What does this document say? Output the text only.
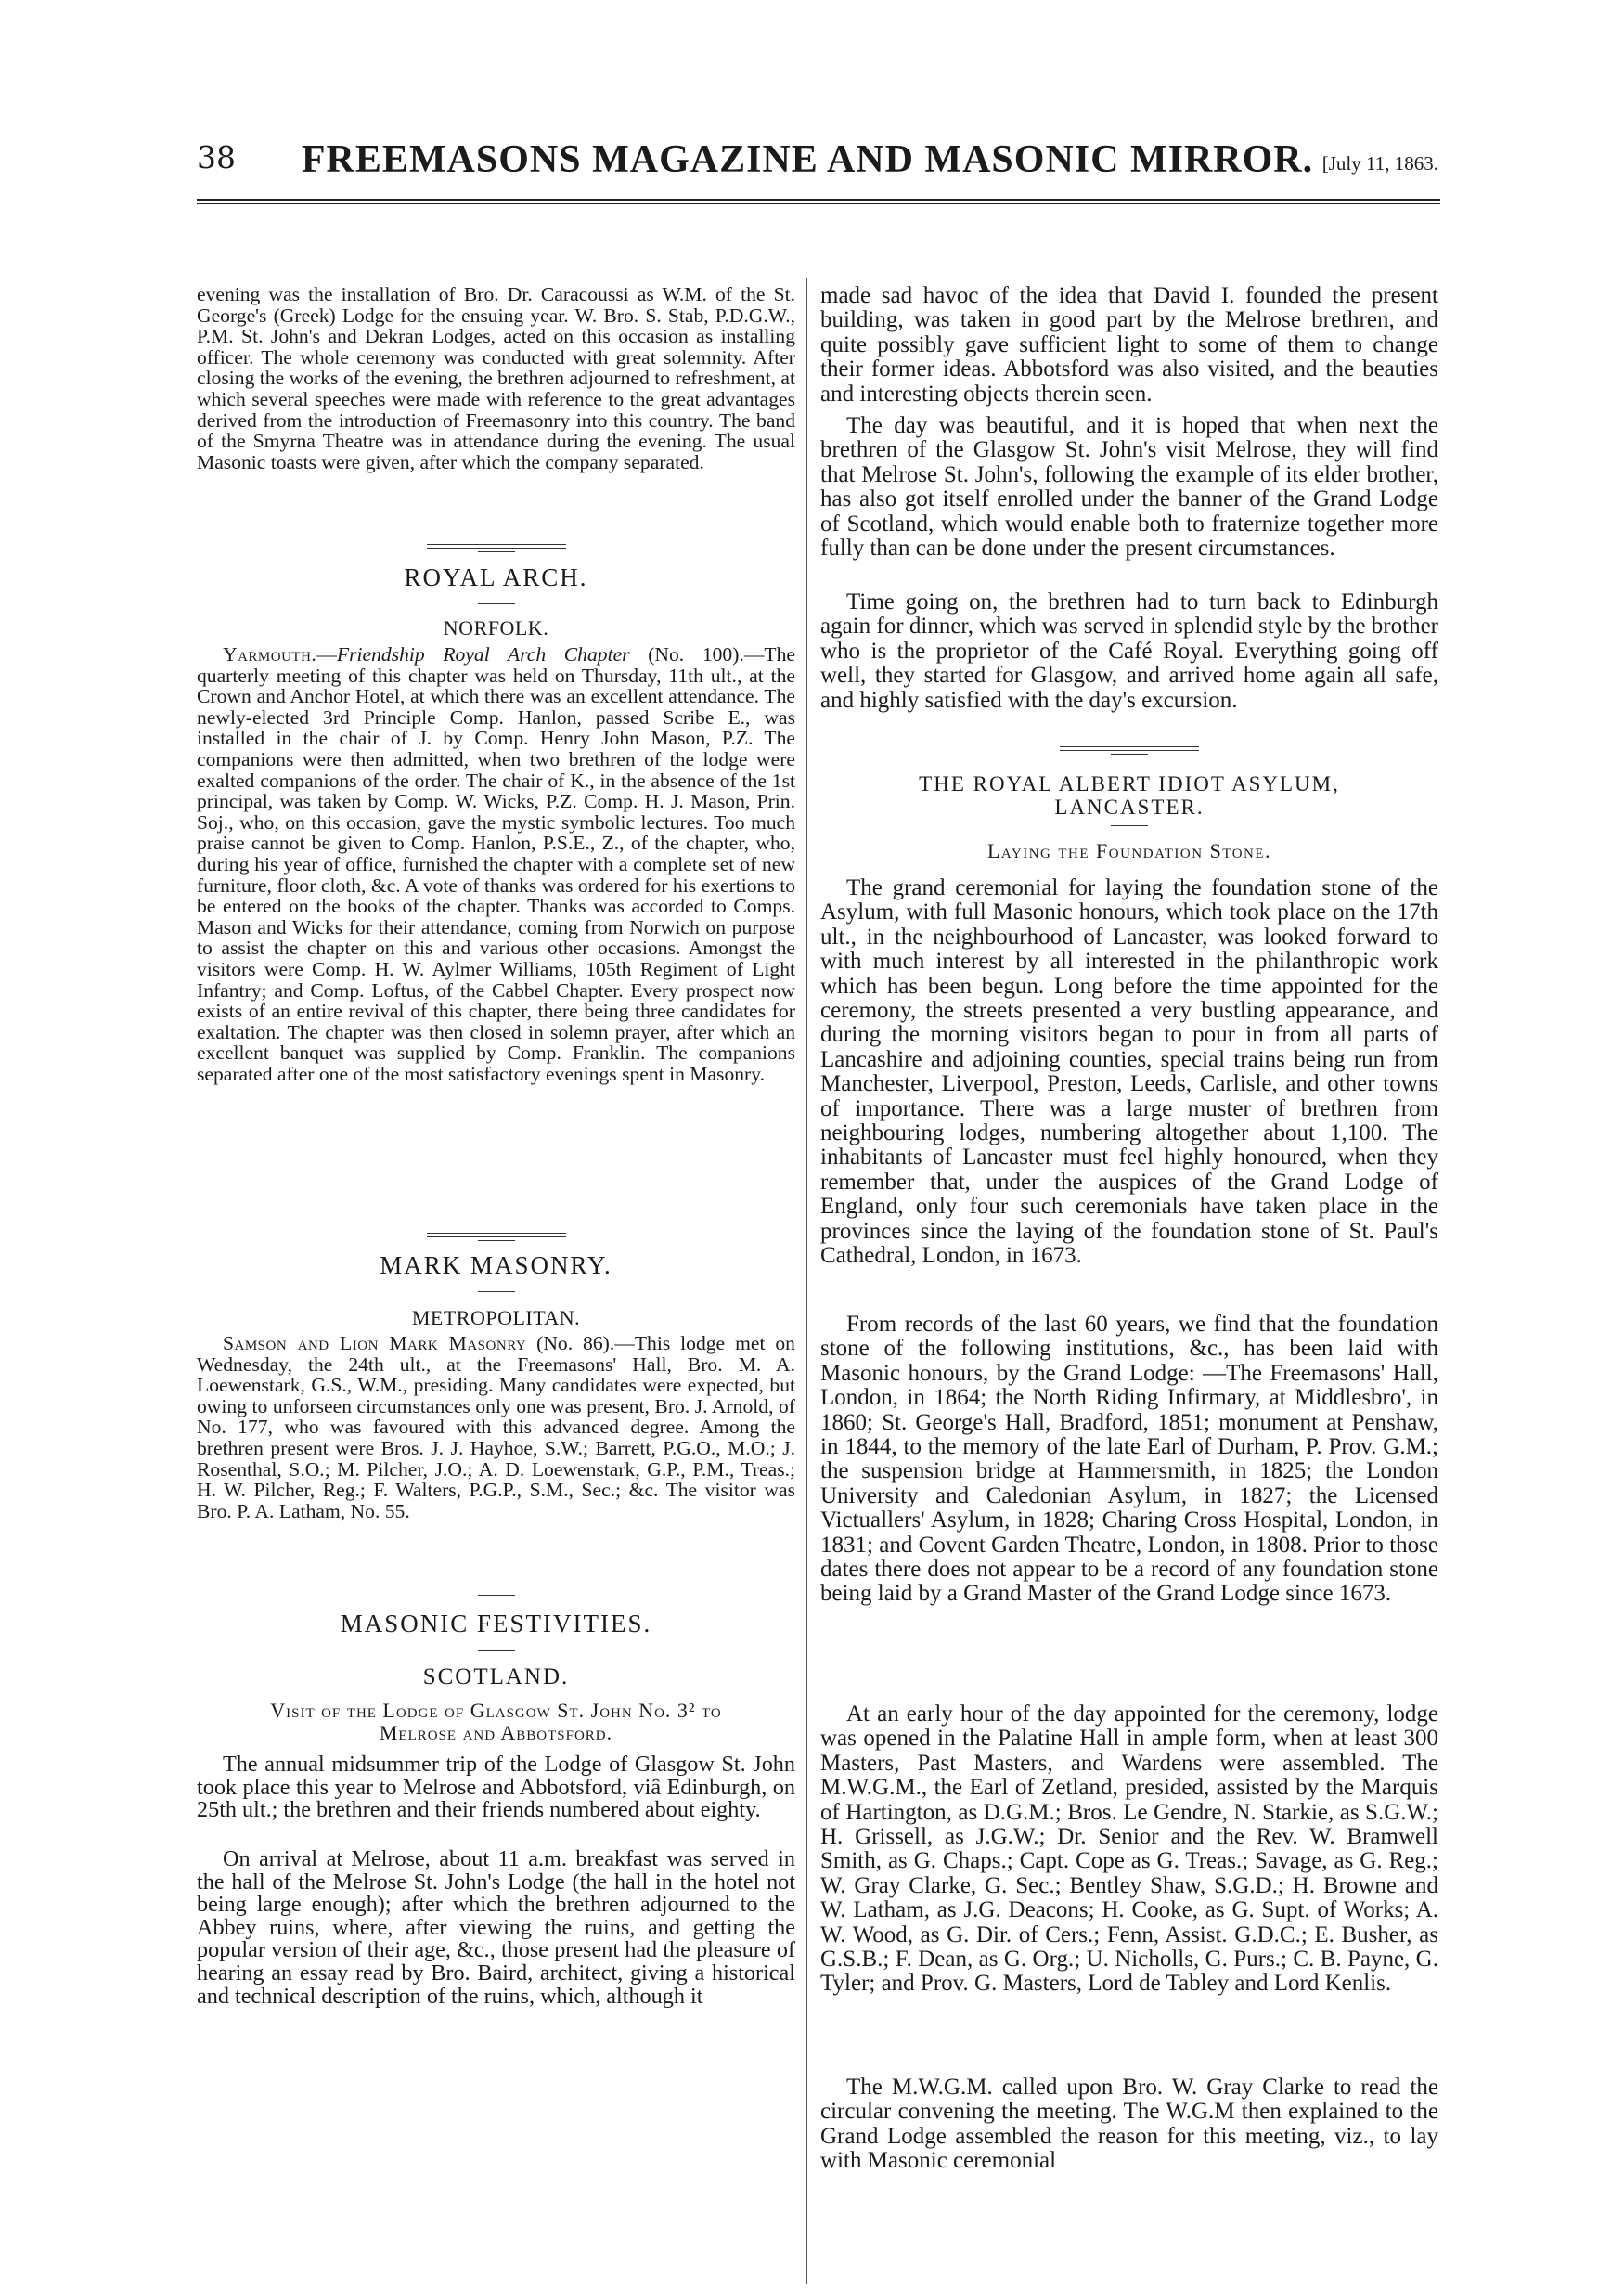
38	FREEMASONS MAGAZINE AND MASONIC MIRROR. [July 11, 1863.

evening was the installation of Bro. Dr. Caracoussi as W.M. of the St. George's (Greek) Lodge for the ensuing year. W. Bro. S. Stab, P.D.G.W., P.M. St. John's and Dekran Lodges, acted on this occasion as installing officer. The whole ceremony was conducted with great solemnity. After closing the works of the evening, the brethren adjourned to refreshment, at which several speeches were made with reference to the great advantages derived from the introduction of Freemasonry into this country. The band of the Smyrna Theatre was in attendance during the evening. The usual Masonic toasts were given, after which the company separated.

ROYAL ARCH.
NORFOLK.

Yarmouth.—Friendship Royal Arch Chapter (No. 100).—The quarterly meeting of this chapter was held on Thursday, 11th ult., at the Crown and Anchor Hotel, at which there was an excellent attendance. The newly-elected 3rd Principle Comp. Hanlon, passed Scribe E., was installed in the chair of J. by Comp. Henry John Mason, P.Z. The companions were then admitted, when two brethren of the lodge were exalted companions of the order. The chair of K., in the absence of the 1st principal, was taken by Comp. W. Wicks, P.Z. Comp. H. J. Mason, Prin. Soj., who, on this occasion, gave the mystic symbolic lectures. Too much praise cannot be given to Comp. Hanlon, P.S.E., Z., of the chapter, who, during his year of office, furnished the chapter with a complete set of new furniture, floor cloth, &c. A vote of thanks was ordered for his exertions to be entered on the books of the chapter. Thanks was accorded to Comps. Mason and Wicks for their attendance, coming from Norwich on purpose to assist the chapter on this and various other occasions. Amongst the visitors were Comp. H. W. Aylmer Williams, 105th Regiment of Light Infantry; and Comp. Loftus, of the Cabbel Chapter. Every prospect now exists of an entire revival of this chapter, there being three candidates for exaltation. The chapter was then closed in solemn prayer, after which an excellent banquet was supplied by Comp. Franklin. The companions separated after one of the most satisfactory evenings spent in Masonry.

MARK MASONRY.
METROPOLITAN.

Samson and Lion Mark Masonry (No. 86).—This lodge met on Wednesday, the 24th ult., at the Freemasons' Hall, Bro. M. A. Loewenstark, G.S., W.M., presiding. Many candidates were expected, but owing to unforseen circumstances only one was present, Bro. J. Arnold, of No. 177, who was favoured with this advanced degree. Among the brethren present were Bros. J. J. Hayhoe, S.W.; Barrett, P.G.O., M.O.; J. Rosenthal, S.O.; M. Pilcher, J.O.; A. D. Loewenstark, G.P., P.M., Treas.; H. W. Pilcher, Reg.; F. Walters, P.G.P., S.M., Sec.; &c. The visitor was Bro. P. A. Latham, No. 55.

MASONIC FESTIVITIES.
SCOTLAND.
Visit of the Lodge of Glasgow St. John No. 3² to
Melrose and Abbotsford.

The annual midsummer trip of the Lodge of Glasgow St. John took place this year to Melrose and Abbotsford, viâ Edinburgh, on 25th ult.; the brethren and their friends numbered about eighty.

On arrival at Melrose, about 11 a.m. breakfast was served in the hall of the Melrose St. John's Lodge (the hall in the hotel not being large enough); after which the brethren adjourned to the Abbey ruins, where, after viewing the ruins, and getting the popular version of their age, &c., those present had the pleasure of hearing an essay read by Bro. Baird, architect, giving a historical and technical description of the ruins, which, although it

made sad havoc of the idea that David I. founded the present building, was taken in good part by the Melrose brethren, and quite possibly gave sufficient light to some of them to change their former ideas. Abbotsford was also visited, and the beauties and interesting objects therein seen.

The day was beautiful, and it is hoped that when next the brethren of the Glasgow St. John's visit Melrose, they will find that Melrose St. John's, following the example of its elder brother, has also got itself enrolled under the banner of the Grand Lodge of Scotland, which would enable both to fraternize together more fully than can be done under the present circumstances.

Time going on, the brethren had to turn back to Edinburgh again for dinner, which was served in splendid style by the brother who is the proprietor of the Café Royal. Everything going off well, they started for Glasgow, and arrived home again all safe, and highly satisfied with the day's excursion.

THE ROYAL ALBERT IDIOT ASYLUM,
LANCASTER.
Laying the Foundation Stone.

The grand ceremonial for laying the foundation stone of the Asylum, with full Masonic honours, which took place on the 17th ult., in the neighbourhood of Lancaster, was looked forward to with much interest by all interested in the philanthropic work which has been begun. Long before the time appointed for the ceremony, the streets presented a very bustling appearance, and during the morning visitors began to pour in from all parts of Lancashire and adjoining counties, special trains being run from Manchester, Liverpool, Preston, Leeds, Carlisle, and other towns of importance. There was a large muster of brethren from neighbouring lodges, numbering altogether about 1,100. The inhabitants of Lancaster must feel highly honoured, when they remember that, under the auspices of the Grand Lodge of England, only four such ceremonials have taken place in the provinces since the laying of the foundation stone of St. Paul's Cathedral, London, in 1673.

From records of the last 60 years, we find that the foundation stone of the following institutions, &c., has been laid with Masonic honours, by the Grand Lodge: —The Freemasons' Hall, London, in 1864; the North Riding Infirmary, at Middlesbro', in 1860; St. George's Hall, Bradford, 1851; monument at Penshaw, in 1844, to the memory of the late Earl of Durham, P. Prov. G.M.; the suspension bridge at Hammersmith, in 1825; the London University and Caledonian Asylum, in 1827; the Licensed Victuallers' Asylum, in 1828; Charing Cross Hospital, London, in 1831; and Covent Garden Theatre, London, in 1808. Prior to those dates there does not appear to be a record of any foundation stone being laid by a Grand Master of the Grand Lodge since 1673.

At an early hour of the day appointed for the ceremony, lodge was opened in the Palatine Hall in ample form, when at least 300 Masters, Past Masters, and Wardens were assembled. The M.W.G.M., the Earl of Zetland, presided, assisted by the Marquis of Hartington, as D.G.M.; Bros. Le Gendre, N. Starkie, as S.G.W.; H. Grissell, as J.G.W.; Dr. Senior and the Rev. W. Bramwell Smith, as G. Chaps.; Capt. Cope as G. Treas.; Savage, as G. Reg.; W. Gray Clarke, G. Sec.; Bentley Shaw, S.G.D.; H. Browne and W. Latham, as J.G. Deacons; H. Cooke, as G. Supt. of Works; A. W. Wood, as G. Dir. of Cers.; Fenn, Assist. G.D.C.; E. Busher, as G.S.B.; F. Dean, as G. Org.; U. Nicholls, G. Purs.; C. B. Payne, G. Tyler; and Prov. G. Masters, Lord de Tabley and Lord Kenlis.

The M.W.G.M. called upon Bro. W. Gray Clarke to read the circular convening the meeting. The W.G.M then explained to the Grand Lodge assembled the reason for this meeting, viz., to lay with Masonic ceremonial
